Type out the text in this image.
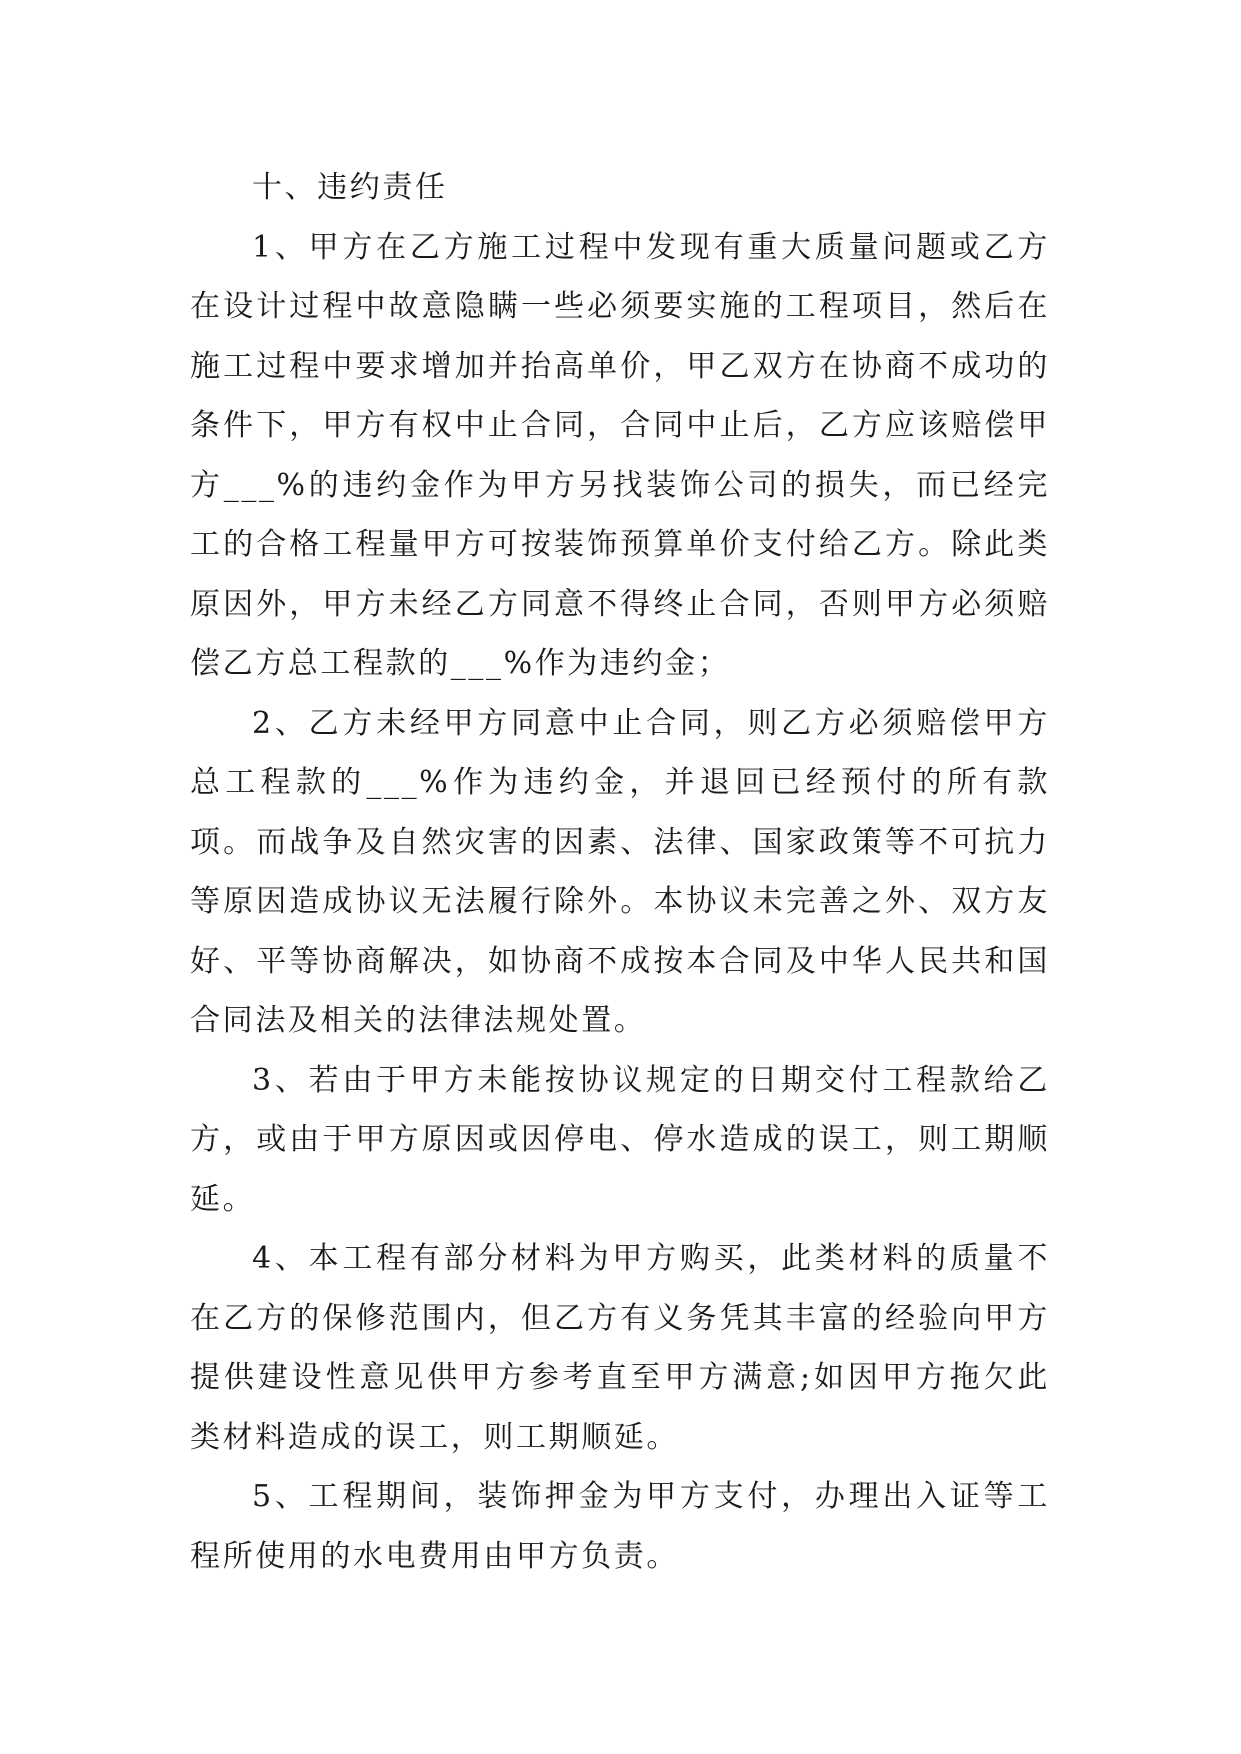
十、违约责任

1、甲方在乙方施工过程中发现有重大质量问题或乙方在设计过程中故意隐瞒一些必须要实施的工程项目，然后在施工过程中要求增加并抬高单价，甲乙双方在协商不成功的条件下，甲方有权中止合同，合同中止后，乙方应该赔偿甲方___%的违约金作为甲方另找装饰公司的损失，而已经完工的合格工程量甲方可按装饰预算单价支付给乙方。除此类原因外，甲方未经乙方同意不得终止合同，否则甲方必须赔偿乙方总工程款的___%作为违约金；

2、乙方未经甲方同意中止合同，则乙方必须赔偿甲方总工程款的___%作为违约金，并退回已经预付的所有款项。而战争及自然灾害的因素、法律、国家政策等不可抗力等原因造成协议无法履行除外。本协议未完善之外、双方友好、平等协商解决，如协商不成按本合同及中华人民共和国合同法及相关的法律法规处置。

3、若由于甲方未能按协议规定的日期交付工程款给乙方，或由于甲方原因或因停电、停水造成的误工，则工期顺延。

4、本工程有部分材料为甲方购买，此类材料的质量不在乙方的保修范围内，但乙方有义务凭其丰富的经验向甲方提供建设性意见供甲方参考直至甲方满意;如因甲方拖欠此类材料造成的误工，则工期顺延。

5、工程期间，装饰押金为甲方支付，办理出入证等工程所使用的水电费用由甲方负责。
